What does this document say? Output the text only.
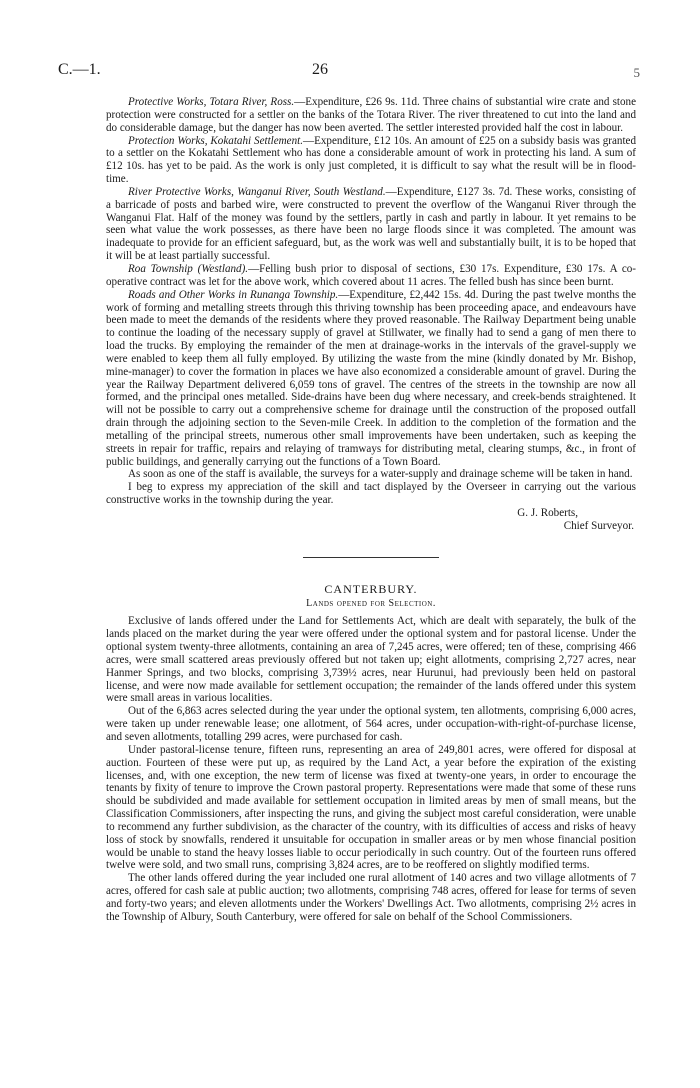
C.—1.	26	5

Protective Works, Totara River, Ross.—Expenditure, £26 9s. 11d. Three chains of substantial wire crate and stone protection were constructed for a settler on the banks of the Totara River. The river threatened to cut into the land and do considerable damage, but the danger has now been averted. The settler interested provided half the cost in labour.

Protection Works, Kokatahi Settlement.—Expenditure, £12 10s. An amount of £25 on a subsidy basis was granted to a settler on the Kokatahi Settlement who has done a considerable amount of work in protecting his land. A sum of £12 10s. has yet to be paid. As the work is only just completed, it is difficult to say what the result will be in flood-time.

River Protective Works, Wanganui River, South Westland.—Expenditure, £127 3s. 7d. These works, consisting of a barricade of posts and barbed wire, were constructed to prevent the overflow of the Wanganui River through the Wanganui Flat. Half of the money was found by the settlers, partly in cash and partly in labour. It yet remains to be seen what value the work possesses, as there have been no large floods since it was completed. The amount was inadequate to provide for an efficient safeguard, but, as the work was well and substantially built, it is to be hoped that it will be at least partially successful.

Roa Township (Westland).—Felling bush prior to disposal of sections, £30 17s. Expenditure, £30 17s. A co-operative contract was let for the above work, which covered about 11 acres. The felled bush has since been burnt.

Roads and Other Works in Runanga Township.—Expenditure, £2,442 15s. 4d. During the past twelve months the work of forming and metalling streets through this thriving township has been proceeding apace, and endeavours have been made to meet the demands of the residents where they proved reasonable. The Railway Department being unable to continue the loading of the necessary supply of gravel at Stillwater, we finally had to send a gang of men there to load the trucks. By employing the remainder of the men at drainage-works in the intervals of the gravel-supply we were enabled to keep them all fully employed. By utilizing the waste from the mine (kindly donated by Mr. Bishop, mine-manager) to cover the formation in places we have also economized a considerable amount of gravel. During the year the Railway Department delivered 6,059 tons of gravel. The centres of the streets in the township are now all formed, and the principal ones metalled. Side-drains have been dug where necessary, and creek-bends straightened. It will not be possible to carry out a comprehensive scheme for drainage until the construction of the proposed outfall drain through the adjoining section to the Seven-mile Creek. In addition to the completion of the formation and the metalling of the principal streets, numerous other small improvements have been undertaken, such as keeping the streets in repair for traffic, repairs and relaying of tramways for distributing metal, clearing stumps, &c., in front of public buildings, and generally carrying out the functions of a Town Board.

As soon as one of the staff is available, the surveys for a water-supply and drainage scheme will be taken in hand.

I beg to express my appreciation of the skill and tact displayed by the Overseer in carrying out the various constructive works in the township during the year.

G. J. Roberts,
Chief Surveyor.
CANTERBURY.
Lands opened for Selection.

Exclusive of lands offered under the Land for Settlements Act, which are dealt with separately, the bulk of the lands placed on the market during the year were offered under the optional system and for pastoral license. Under the optional system twenty-three allotments, containing an area of 7,245 acres, were offered; ten of these, comprising 466 acres, were small scattered areas previously offered but not taken up; eight allotments, comprising 2,727 acres, near Hanmer Springs, and two blocks, comprising 3,739½ acres, near Hurunui, had previously been held on pastoral license, and were now made available for settlement occupation; the remainder of the lands offered under this system were small areas in various localities.

Out of the 6,863 acres selected during the year under the optional system, ten allotments, comprising 6,000 acres, were taken up under renewable lease; one allotment, of 564 acres, under occupation-with-right-of-purchase license, and seven allotments, totalling 299 acres, were purchased for cash.

Under pastoral-license tenure, fifteen runs, representing an area of 249,801 acres, were offered for disposal at auction. Fourteen of these were put up, as required by the Land Act, a year before the expiration of the existing licenses, and, with one exception, the new term of license was fixed at twenty-one years, in order to encourage the tenants by fixity of tenure to improve the Crown pastoral property. Representations were made that some of these runs should be subdivided and made available for settlement occupation in limited areas by men of small means, but the Classification Commissioners, after inspecting the runs, and giving the subject most careful consideration, were unable to recommend any further subdivision, as the character of the country, with its difficulties of access and risks of heavy loss of stock by snowfalls, rendered it unsuitable for occupation in smaller areas or by men whose financial position would be unable to stand the heavy losses liable to occur periodically in such country. Out of the fourteen runs offered twelve were sold, and two small runs, comprising 3,824 acres, are to be reoffered on slightly modified terms.

The other lands offered during the year included one rural allotment of 140 acres and two village allotments of 7 acres, offered for cash sale at public auction; two allotments, comprising 748 acres, offered for lease for terms of seven and forty-two years; and eleven allotments under the Workers' Dwellings Act. Two allotments, comprising 2½ acres in the Township of Albury, South Canterbury, were offered for sale on behalf of the School Commissioners.
